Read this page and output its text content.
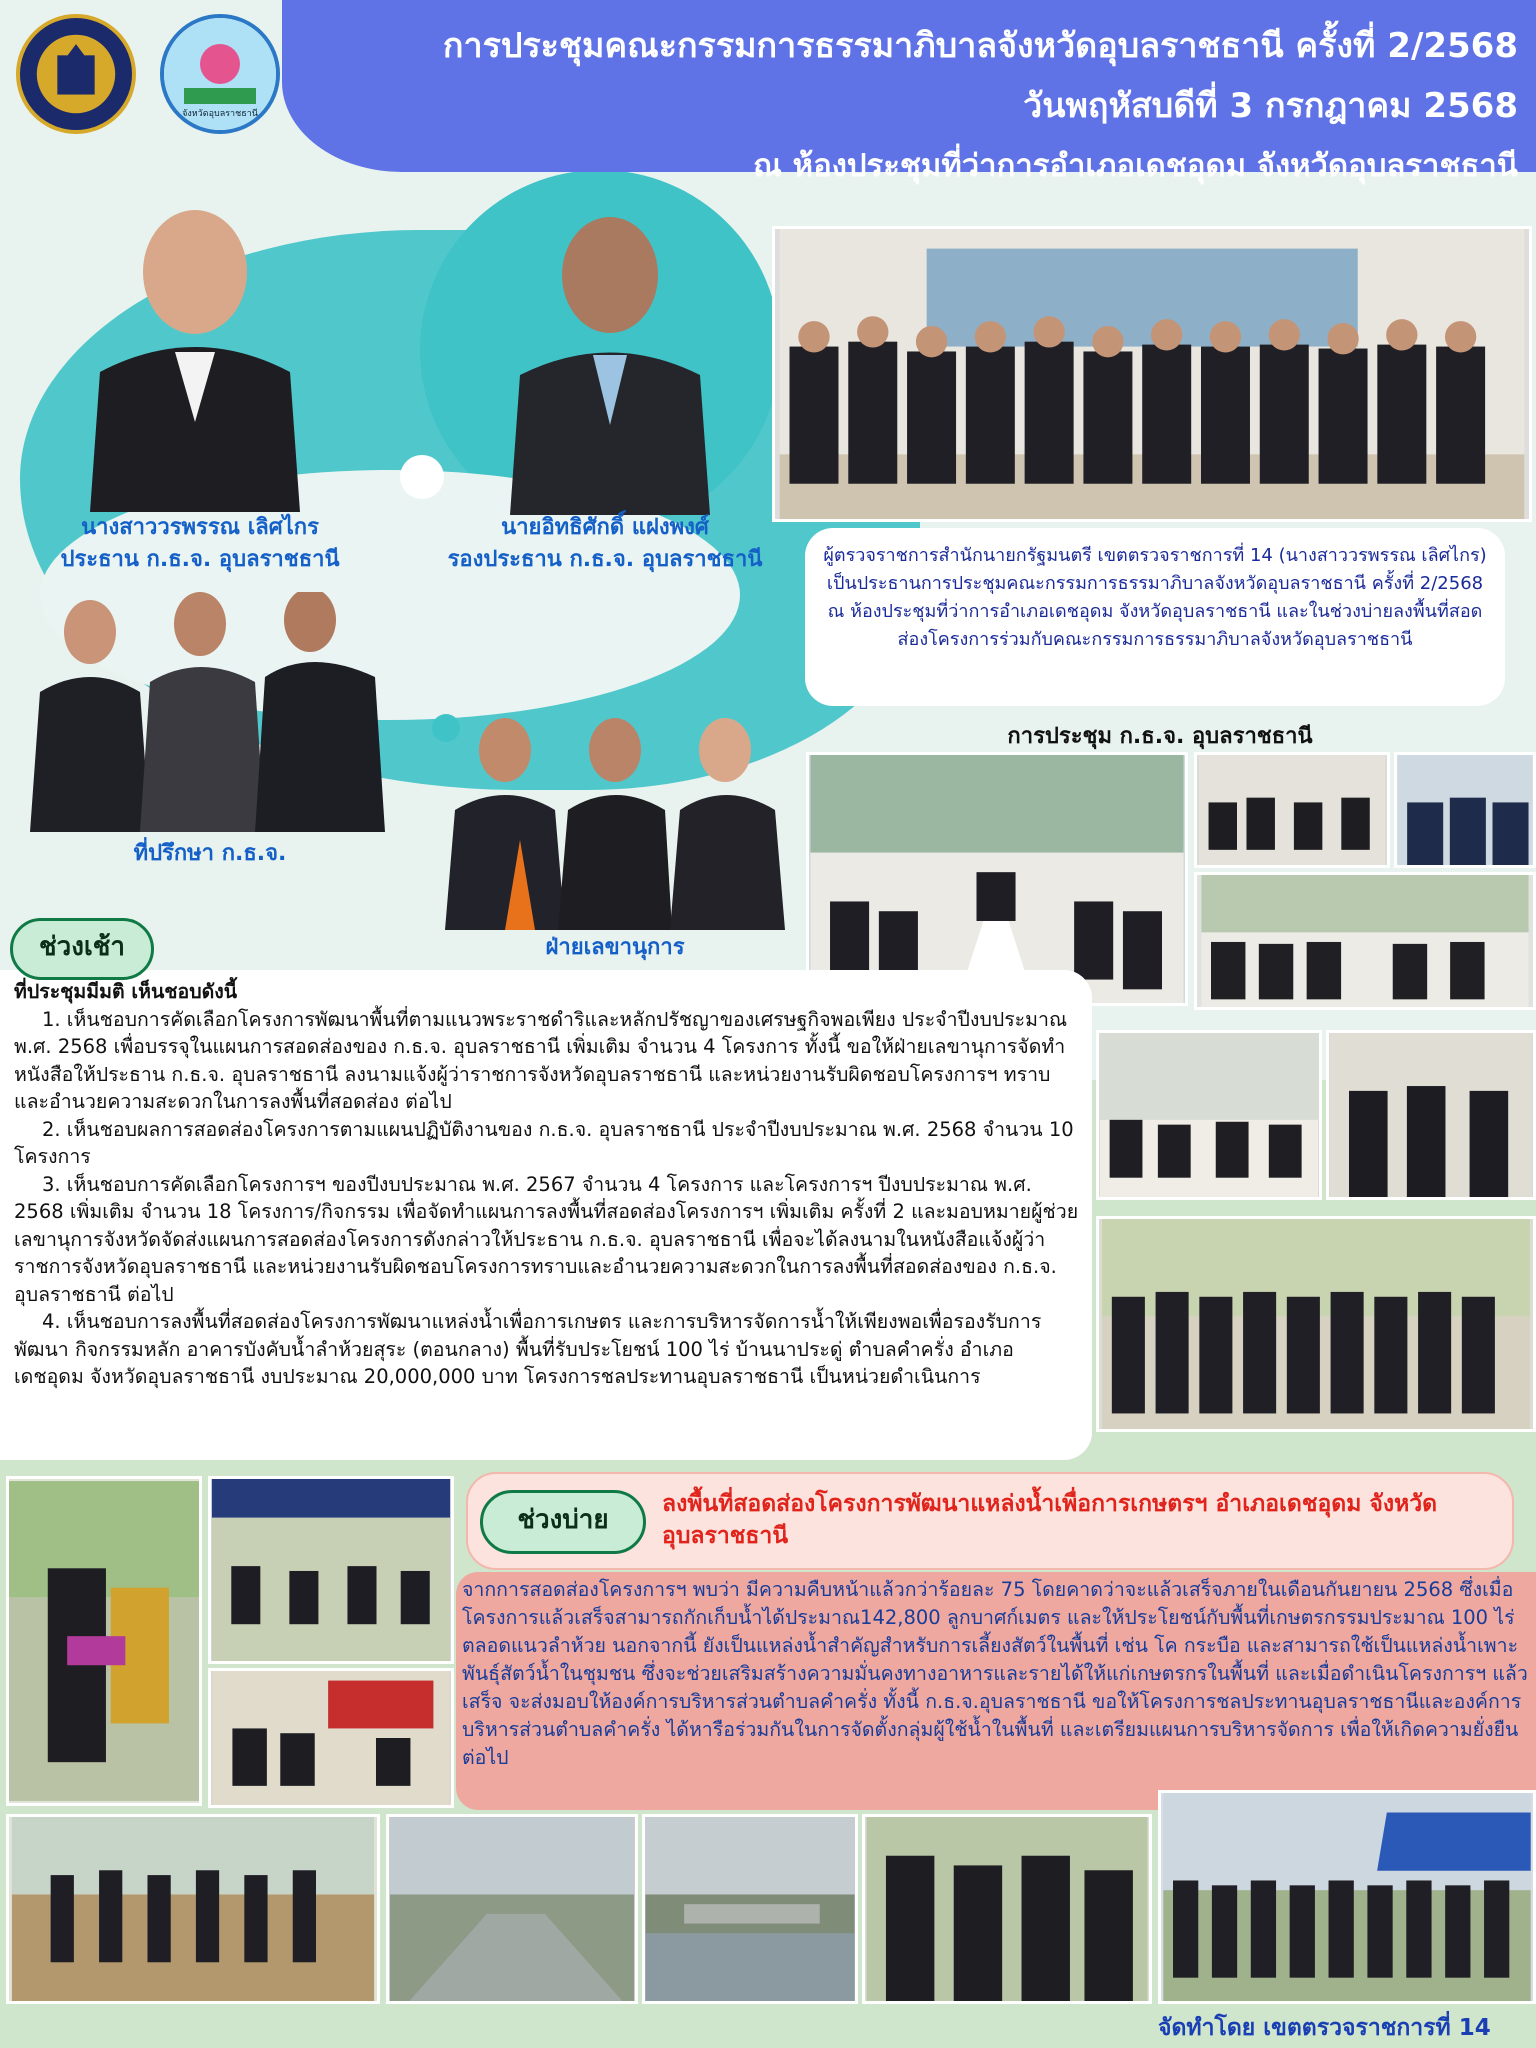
จังหวัดอุบลราชธานี
การประชุมคณะกรรมการธรรมาภิบาลจังหวัดอุบลราชธานี ครั้งที่ 2/2568
วันพฤหัสบดีที่ 3 กรกฎาคม 2568
ณ ห้องประชุมที่ว่าการอำเภอเดชอุดม จังหวัดอุบลราชธานี
นางสาววรพรรณ เลิศไกร
ประธาน ก.ธ.จ. อุบลราชธานี
นายอิทธิศักดิ์ แฝงพงศ์
รองประธาน ก.ธ.จ. อุบลราชธานี
ที่ปรึกษา ก.ธ.จ.
ฝ่ายเลขานุการ
ผู้ตรวจราชการสำนักนายกรัฐมนตรี เขตตรวจราชการที่ 14 (นางสาววรพรรณ เลิศไกร) เป็นประธานการประชุมคณะกรรมการธรรมาภิบาลจังหวัดอุบลราชธานี ครั้งที่ 2/2568 ณ ห้องประชุมที่ว่าการอำเภอเดชอุดม จังหวัดอุบลราชธานี และในช่วงบ่ายลงพื้นที่สอดส่องโครงการร่วมกับคณะกรรมการธรรมาภิบาลจังหวัดอุบลราชธานี
การประชุม ก.ธ.จ. อุบลราชธานี
ช่วงเช้า

ที่ประชุมมีมติ เห็นชอบดังนี้

1. เห็นชอบการคัดเลือกโครงการพัฒนาพื้นที่ตามแนวพระราชดำริและหลักปรัชญาของเศรษฐกิจพอเพียง ประจำปีงบประมาณ พ.ศ. 2568 เพื่อบรรจุในแผนการสอดส่องของ ก.ธ.จ. อุบลราชธานี เพิ่มเติม จำนวน 4 โครงการ ทั้งนี้ ขอให้ฝ่ายเลขานุการจัดทำหนังสือให้ประธาน ก.ธ.จ. อุบลราชธานี ลงนามแจ้งผู้ว่าราชการจังหวัดอุบลราชธานี และหน่วยงานรับผิดชอบโครงการฯ ทราบและอำนวยความสะดวกในการลงพื้นที่สอดส่อง ต่อไป

2. เห็นชอบผลการสอดส่องโครงการตามแผนปฏิบัติงานของ ก.ธ.จ. อุบลราชธานี ประจำปีงบประมาณ พ.ศ. 2568 จำนวน 10 โครงการ

3. เห็นชอบการคัดเลือกโครงการฯ ของปีงบประมาณ พ.ศ. 2567 จำนวน 4 โครงการ และโครงการฯ ปีงบประมาณ พ.ศ. 2568 เพิ่มเติม จำนวน 18 โครงการ/กิจกรรม เพื่อจัดทำแผนการลงพื้นที่สอดส่องโครงการฯ เพิ่มเติม ครั้งที่ 2 และมอบหมายผู้ช่วยเลขานุการจังหวัดจัดส่งแผนการสอดส่องโครงการดังกล่าวให้ประธาน ก.ธ.จ. อุบลราชธานี เพื่อจะได้ลงนามในหนังสือแจ้งผู้ว่าราชการจังหวัดอุบลราชธานี และหน่วยงานรับผิดชอบโครงการทราบและอำนวยความสะดวกในการลงพื้นที่สอดส่องของ ก.ธ.จ. อุบลราชธานี ต่อไป

4. เห็นชอบการลงพื้นที่สอดส่องโครงการพัฒนาแหล่งน้ำเพื่อการเกษตร และการบริหารจัดการน้ำให้เพียงพอเพื่อรองรับการพัฒนา กิจกรรมหลัก อาคารบังคับน้ำลำห้วยสุระ (ตอนกลาง) พื้นที่รับประโยชน์ 100 ไร่ บ้านนาประดู่ ตำบลคำครั่ง อำเภอเดชอุดม จังหวัดอุบลราชธานี งบประมาณ 20,000,000 บาท โครงการชลประทานอุบลราชธานี เป็นหน่วยดำเนินการ

ช่วงบ่าย
ลงพื้นที่สอดส่องโครงการพัฒนาแหล่งน้ำเพื่อการเกษตรฯ อำเภอเดชอุดม จังหวัดอุบลราชธานี
จากการสอดส่องโครงการฯ พบว่า มีความคืบหน้าแล้วกว่าร้อยละ 75 โดยคาดว่าจะแล้วเสร็จภายในเดือนกันยายน 2568 ซึ่งเมื่อโครงการแล้วเสร็จสามารถกักเก็บน้ำได้ประมาณ142,800 ลูกบาศก์เมตร และให้ประโยชน์กับพื้นที่เกษตรกรรมประมาณ 100 ไร่ ตลอดแนวลำห้วย นอกจากนี้ ยังเป็นแหล่งน้ำสำคัญสำหรับการเลี้ยงสัตว์ในพื้นที่ เช่น โค กระบือ และสามารถใช้เป็นแหล่งน้ำเพาะพันธุ์สัตว์น้ำในชุมชน ซึ่งจะช่วยเสริมสร้างความมั่นคงทางอาหารและรายได้ให้แก่เกษตรกรในพื้นที่ และเมื่อดำเนินโครงการฯ แล้วเสร็จ จะส่งมอบให้องค์การบริหารส่วนตำบลคำครั่ง ทั้งนี้ ก.ธ.จ.อุบลราชธานี ขอให้โครงการชลประทานอุบลราชธานีและองค์การบริหารส่วนตำบลคำครั่ง ได้หารือร่วมกันในการจัดตั้งกลุ่มผู้ใช้น้ำในพื้นที่ และเตรียมแผนการบริหารจัดการ เพื่อให้เกิดความยั่งยืนต่อไป
จัดทำโดย เขตตรวจราชการที่ 14
